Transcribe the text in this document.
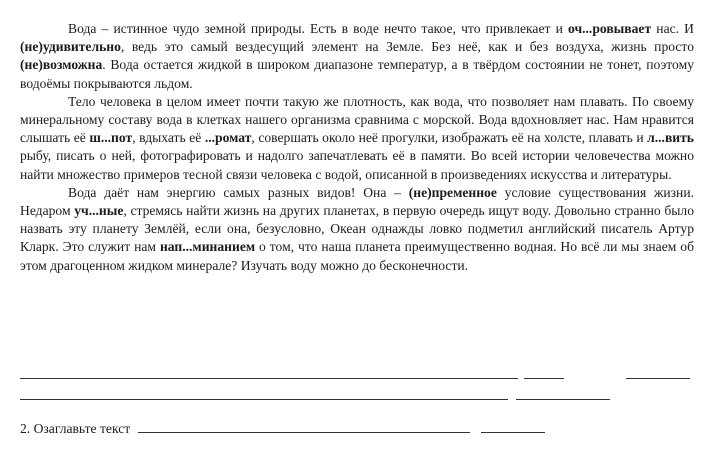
Вода – истинное чудо земной природы. Есть в воде нечто такое, что привлекает и оч...ровывает нас. И (не)удивительно, ведь это самый вездесущий элемент на Земле. Без неё, как и без воздуха, жизнь просто (не)возможна. Вода остается жидкой в широком диапазоне температур, а в твёрдом состоянии не тонет, поэтому водоёмы покрываются льдом.

Тело человека в целом имеет почти такую же плотность, как вода, что позволяет нам плавать. По своему минеральному составу вода в клетках нашего организма сравнима с морской. Вода вдохновляет нас. Нам нравится слышать её ш...пот, вдыхать её ...ромат, совершать около неё прогулки, изображать её на холсте, плавать и л...вить рыбу, писать о ней, фотографировать и надолго запечатлевать её в памяти. Во всей истории человечества можно найти множество примеров тесной связи человека с водой, описанной в произведениях искусства и литературы.

Вода даёт нам энергию самых разных видов! Она – (не)пременное условие существования жизни. Недаром уч...ные, стремясь найти жизнь на других планетах, в первую очередь ищут воду. Довольно странно было назвать эту планету Землёй, если она, безусловно, Океан однажды ловко подметил английский писатель Артур Кларк. Это служит нам нап...минанием о том, что наша планета преимущественно водная. Но всё ли мы знаем об этом драгоценном жидком минерале? Изучать воду можно до бесконечности.

2. Озаглавьте текст
